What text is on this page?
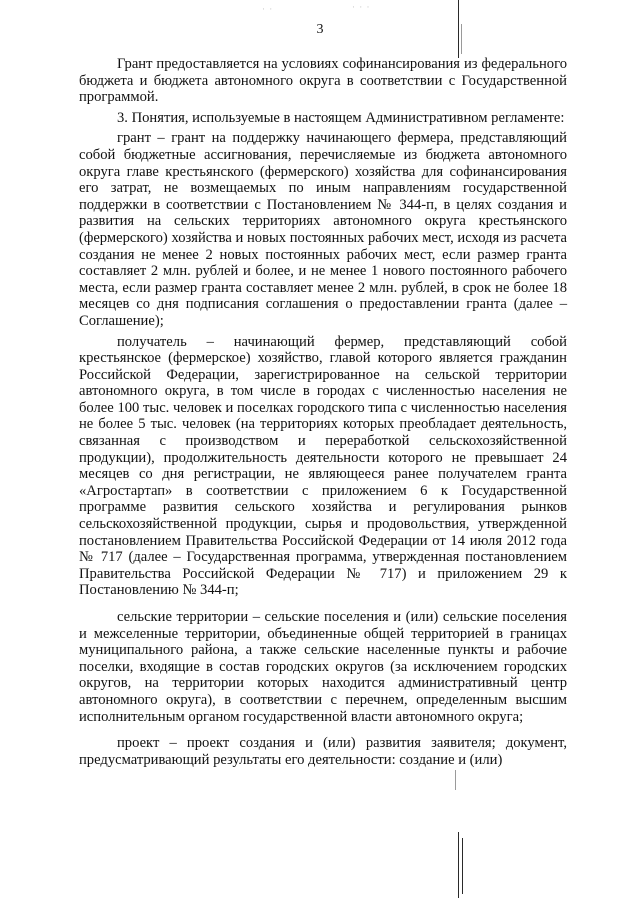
· ·	· · ·
3

Грант предоставляется на условиях софинансирования из федерального бюджета и бюджета автономного округа в соответствии с Государственной программой.

3. Понятия, используемые в настоящем Административном регламенте:

грант – грант на поддержку начинающего фермера, представляющий собой бюджетные ассигнования, перечисляемые из бюджета автономного округа главе крестьянского (фермерского) хозяйства для софинансирования его затрат, не возмещаемых по иным направлениям государственной поддержки в соответствии с Постановлением № 344-п, в целях создания и развития на сельских территориях автономного округа крестьянского (фермерского) хозяйства и новых постоянных рабочих мест, исходя из расчета создания не менее 2 новых постоянных рабочих мест, если размер гранта составляет 2 млн. рублей и более, и не менее 1 нового постоянного рабочего места, если размер гранта составляет менее 2 млн. рублей, в срок не более 18 месяцев со дня подписания соглашения о предоставлении гранта (далее – Соглашение);

получатель – начинающий фермер, представляющий собой крестьянское (фермерское) хозяйство, главой которого является гражданин Российской Федерации, зарегистрированное на сельской территории автономного округа, в том числе в городах с численностью населения не более 100 тыс. человек и поселках городского типа с численностью населения не более 5 тыс. человек (на территориях которых преобладает деятельность, связанная с производством и переработкой сельскохозяйственной продукции), продолжительность деятельности которого не превышает 24 месяцев со дня регистрации, не являющееся ранее получателем гранта «Агростартап» в соответствии с приложением 6 к Государственной программе развития сельского хозяйства и регулирования рынков сельскохозяйственной продукции, сырья и продовольствия, утвержденной постановлением Правительства Российской Федерации от 14 июля 2012 года № 717 (далее – Государственная программа, утвержденная постановлением Правительства Российской Федерации № 717) и приложением 29 к Постановлению № 344-п;

сельские территории – сельские поселения и (или) сельские поселения и межселенные территории, объединенные общей территорией в границах муниципального района, а также сельские населенные пункты и рабочие поселки, входящие в состав городских округов (за исключением городских округов, на территории которых находится административный центр автономного округа), в соответствии с перечнем, определенным высшим исполнительным органом государственной власти автономного округа;

проект – проект создания и (или) развития заявителя; документ, предусматривающий результаты его деятельности: создание и (или)
